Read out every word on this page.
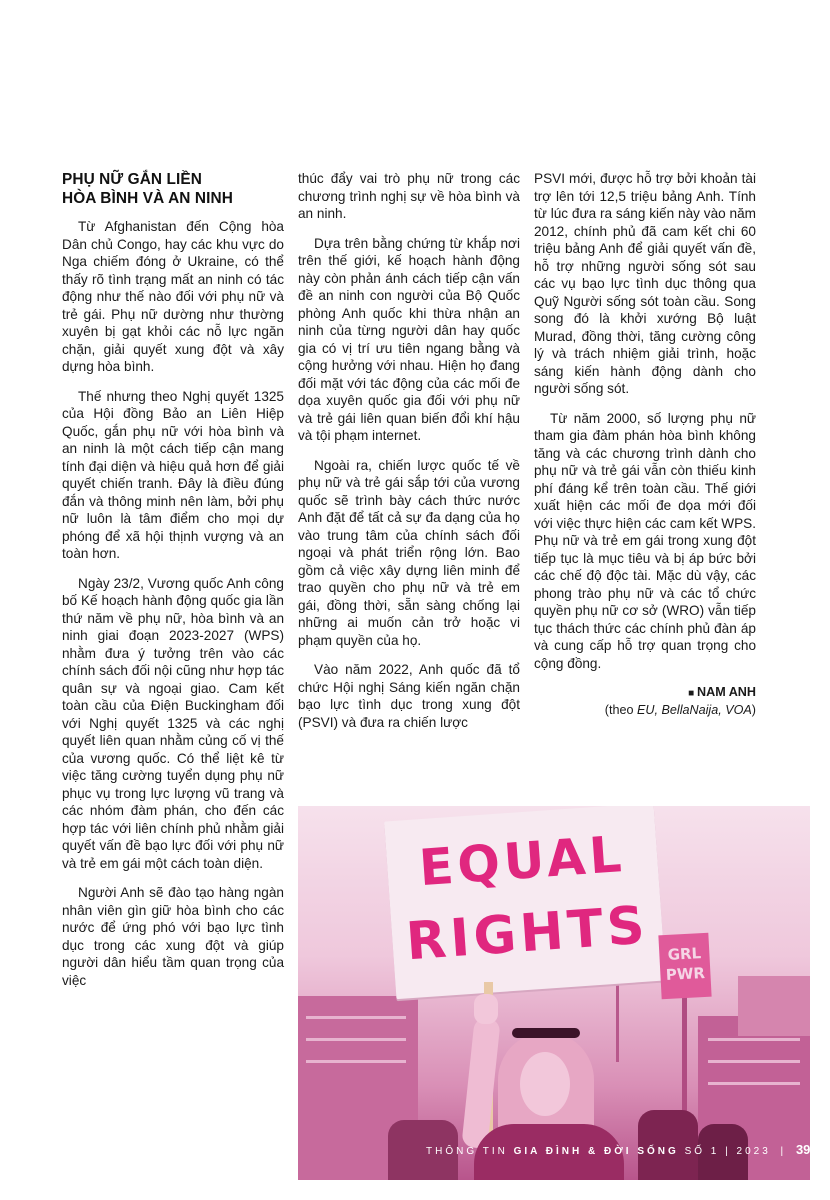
PHỤ NỮ GẮN LIỀN
HÒA BÌNH VÀ AN NINH

Từ Afghanistan đến Cộng hòa Dân chủ Congo, hay các khu vực do Nga chiếm đóng ở Ukraine, có thể thấy rõ tình trạng mất an ninh có tác động như thế nào đối với phụ nữ và trẻ gái. Phụ nữ dường như thường xuyên bị gạt khỏi các nỗ lực ngăn chặn, giải quyết xung đột và xây dựng hòa bình.

Thế nhưng theo Nghị quyết 1325 của Hội đồng Bảo an Liên Hiệp Quốc, gắn phụ nữ với hòa bình và an ninh là một cách tiếp cận mang tính đại diện và hiệu quả hơn để giải quyết chiến tranh. Đây là điều đúng đắn và thông minh nên làm, bởi phụ nữ luôn là tâm điểm cho mọi dự phóng để xã hội thịnh vượng và an toàn hơn.

Ngày 23/2, Vương quốc Anh công bố Kế hoạch hành động quốc gia lần thứ năm về phụ nữ, hòa bình và an ninh giai đoạn 2023-2027 (WPS) nhằm đưa ý tưởng trên vào các chính sách đối nội cũng như hợp tác quân sự và ngoại giao. Cam kết toàn cầu của Điện Buckingham đối với Nghị quyết 1325 và các nghị quyết liên quan nhằm củng cố vị thế của vương quốc. Có thể liệt kê từ việc tăng cường tuyển dụng phụ nữ phục vụ trong lực lượng vũ trang và các nhóm đàm phán, cho đến các hợp tác với liên chính phủ nhằm giải quyết vấn đề bạo lực đối với phụ nữ và trẻ em gái một cách toàn diện.

Người Anh sẽ đào tạo hàng ngàn nhân viên gìn giữ hòa bình cho các nước để ứng phó với bạo lực tình dục trong các xung đột và giúp người dân hiểu tầm quan trọng của việc

thúc đẩy vai trò phụ nữ trong các chương trình nghị sự về hòa bình và an ninh.

Dựa trên bằng chứng từ khắp nơi trên thế giới, kế hoạch hành động này còn phản ánh cách tiếp cận vấn đề an ninh con người của Bộ Quốc phòng Anh quốc khi thừa nhận an ninh của từng người dân hay quốc gia có vị trí ưu tiên ngang bằng và cộng hưởng với nhau. Hiện họ đang đối mặt với tác động của các mối đe dọa xuyên quốc gia đối với phụ nữ và trẻ gái liên quan biến đổi khí hậu và tội phạm internet.

Ngoài ra, chiến lược quốc tế về phụ nữ và trẻ gái sắp tới của vương quốc sẽ trình bày cách thức nước Anh đặt để tất cả sự đa dạng của họ vào trung tâm của chính sách đối ngoại và phát triển rộng lớn. Bao gồm cả việc xây dựng liên minh để trao quyền cho phụ nữ và trẻ em gái, đồng thời, sẵn sàng chống lại những ai muốn cản trở hoặc vi phạm quyền của họ.

Vào năm 2022, Anh quốc đã tổ chức Hội nghị Sáng kiến ngăn chặn bạo lực tình dục trong xung đột (PSVI) và đưa ra chiến lược

PSVI mới, được hỗ trợ bởi khoản tài trợ lên tới 12,5 triệu bảng Anh. Tính từ lúc đưa ra sáng kiến này vào năm 2012, chính phủ đã cam kết chi 60 triệu bảng Anh để giải quyết vấn đề, hỗ trợ những người sống sót sau các vụ bạo lực tình dục thông qua Quỹ Người sống sót toàn cầu. Song song đó là khởi xướng Bộ luật Murad, đồng thời, tăng cường công lý và trách nhiệm giải trình, hoặc sáng kiến hành động dành cho người sống sót.

Từ năm 2000, số lượng phụ nữ tham gia đàm phán hòa bình không tăng và các chương trình dành cho phụ nữ và trẻ gái vẫn còn thiếu kinh phí đáng kể trên toàn cầu. Thế giới xuất hiện các mối đe dọa mới đối với việc thực hiện các cam kết WPS. Phụ nữ và trẻ em gái trong xung đột tiếp tục là mục tiêu và bị áp bức bởi các chế độ độc tài. Mặc dù vậy, các phong trào phụ nữ và các tổ chức quyền phụ nữ cơ sở (WRO) vẫn tiếp tục thách thức các chính phủ đàn áp và cung cấp hỗ trợ quan trọng cho cộng đồng.

■ NAM ANH
(theo EU, BellaNaija, VOA)
EQUAL
RIGHTS	GRL
PWR
THÔNG TIN GIA ĐÌNH & ĐỜI SỐNG SỐ 1 | 2023 | 39
